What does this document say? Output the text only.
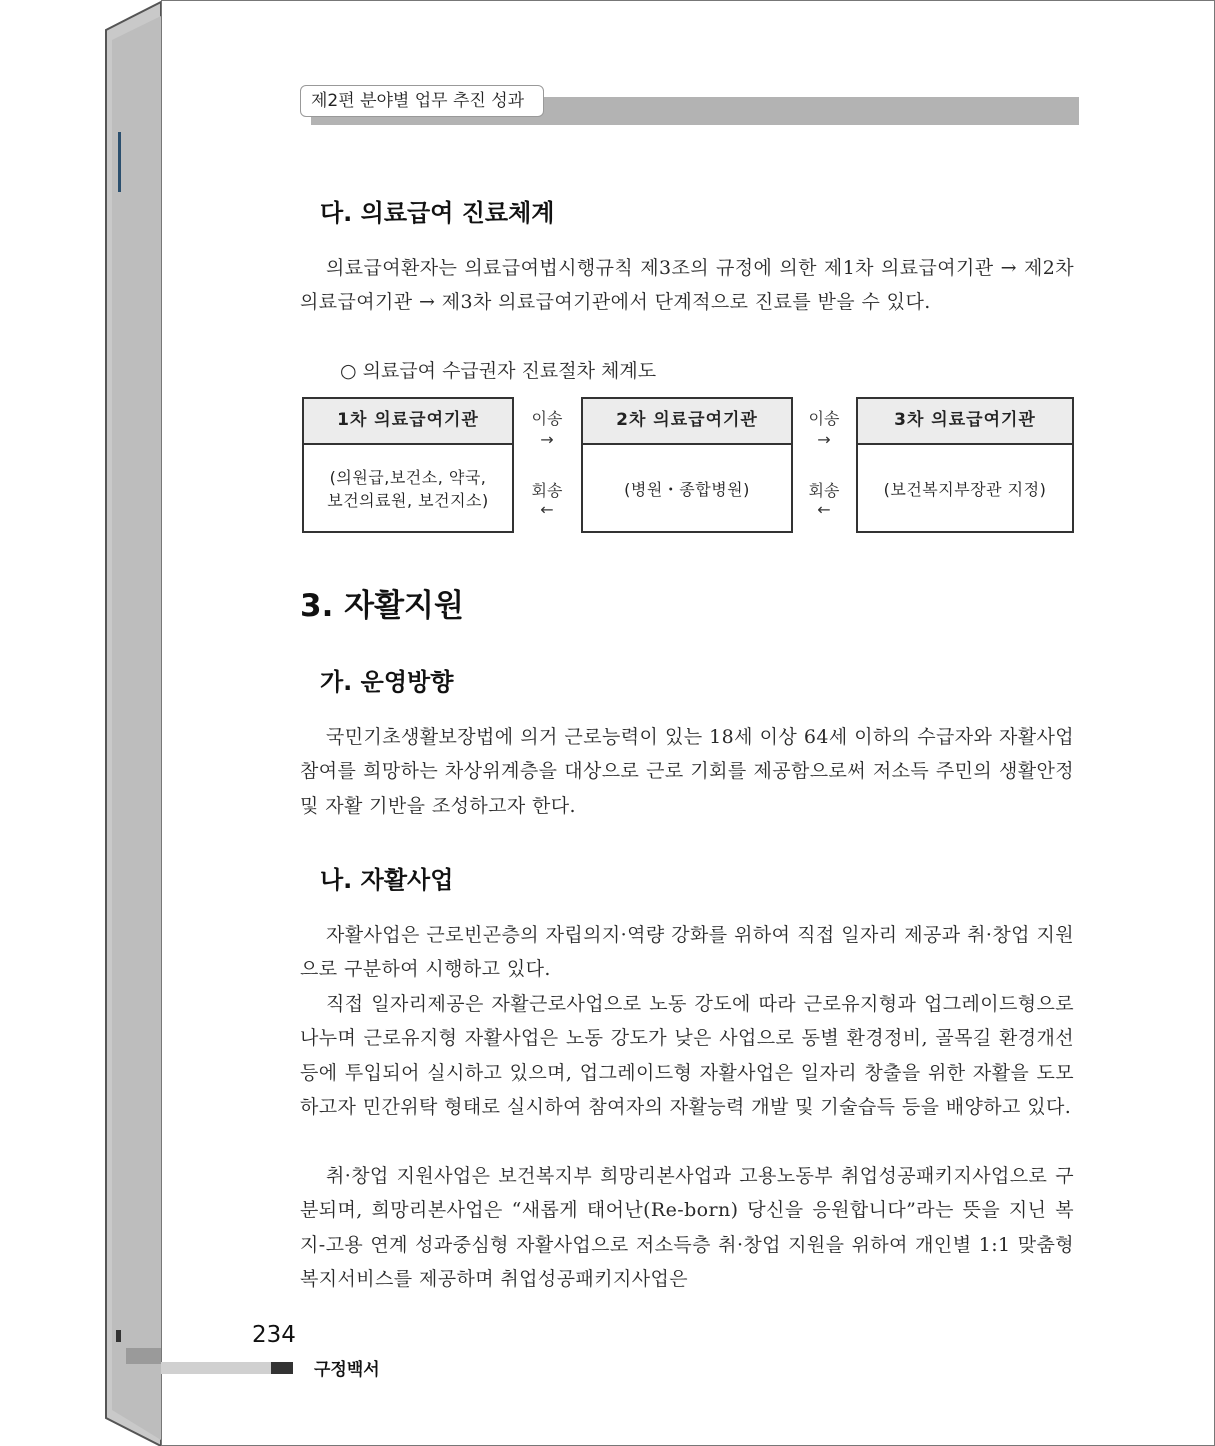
제2편 분야별 업무 추진 성과
다. 의료급여 진료체계

의료급여환자는 의료급여법시행규칙 제3조의 규정에 의한 제1차 의료급여기관 → 제2차 의료급여기관 → 제3차 의료급여기관에서 단계적으로 진료를 받을 수 있다.

○ 의료급여 수급권자 진료절차 체계도

1차 의료급여기관
(의원급,보건소, 약국,
보건의료원, 보건지소)
이송
→
회송
←
2차 의료급여기관
(병원・종합병원)
이송
→
회송
←
3차 의료급여기관
(보건복지부장관 지정)
3. 자활지원
가. 운영방향

국민기초생활보장법에 의거 근로능력이 있는 18세 이상 64세 이하의 수급자와 자활사업 참여를 희망하는 차상위계층을 대상으로 근로 기회를 제공함으로써 저소득 주민의 생활안정 및 자활 기반을 조성하고자 한다.

나. 자활사업

자활사업은 근로빈곤층의 자립의지·역량 강화를 위하여 직접 일자리 제공과 취·창업 지원으로 구분하여 시행하고 있다.

직접 일자리제공은 자활근로사업으로 노동 강도에 따라 근로유지형과 업그레이드형으로 나누며 근로유지형 자활사업은 노동 강도가 낮은 사업으로 동별 환경정비, 골목길 환경개선 등에 투입되어 실시하고 있으며, 업그레이드형 자활사업은 일자리 창출을 위한 자활을 도모하고자 민간위탁 형태로 실시하여 참여자의 자활능력 개발 및 기술습득 등을 배양하고 있다.

취·창업 지원사업은 보건복지부 희망리본사업과 고용노동부 취업성공패키지사업으로 구분되며, 희망리본사업은 “새롭게 태어난(Re-born) 당신을 응원합니다”라는 뜻을 지닌 복지-고용 연계 성과중심형 자활사업으로 저소득층 취·창업 지원을 위하여 개인별 1:1 맞춤형 복지서비스를 제공하며 취업성공패키지사업은

234

구정백서
